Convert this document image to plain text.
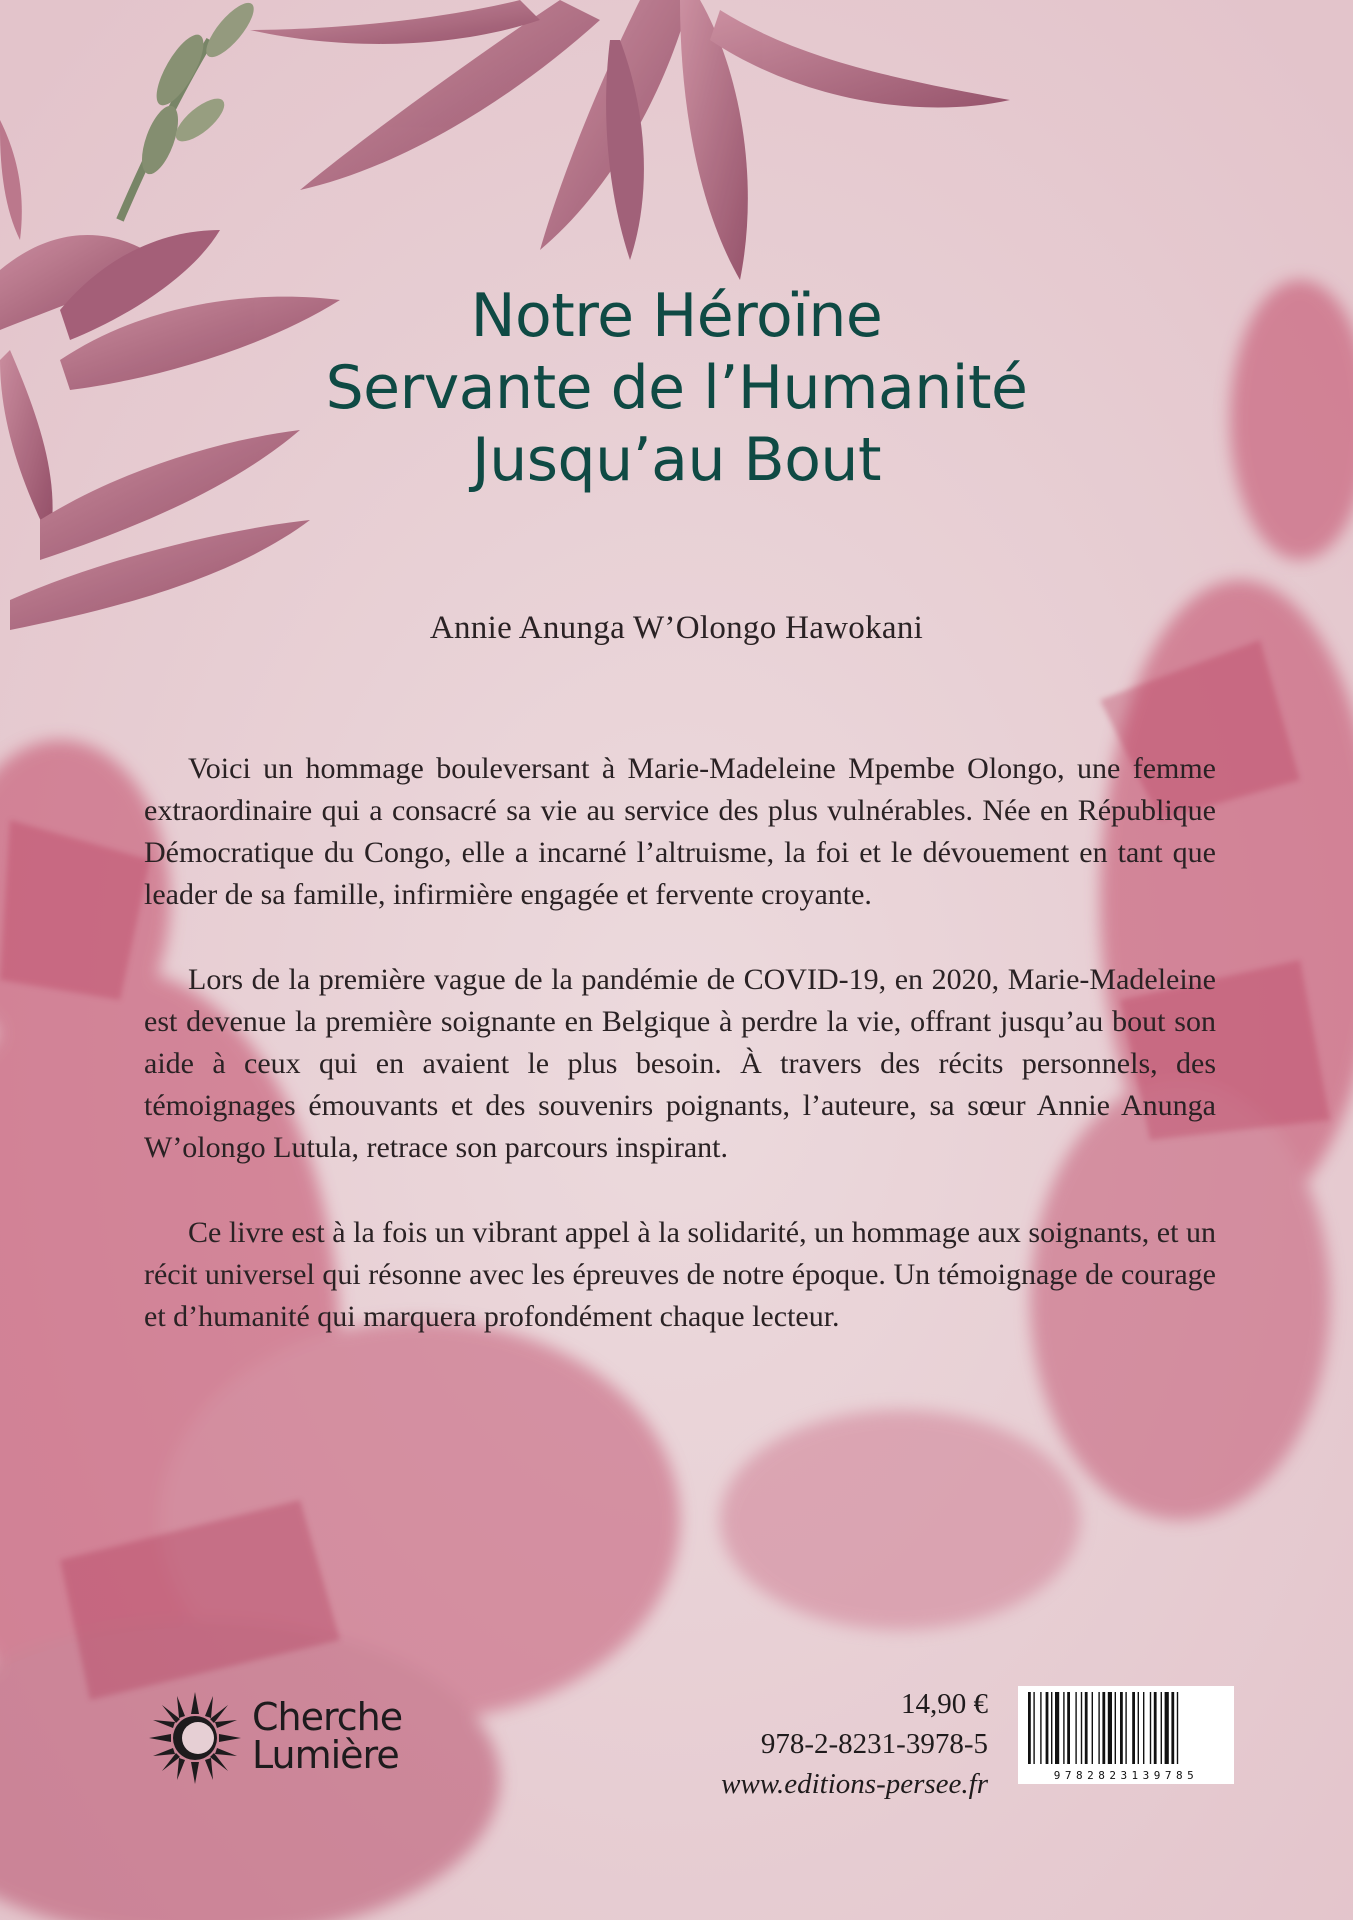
Notre Héroïne

Servante de l’Humanité

Jusqu’au Bout

Annie Anunga W’Olongo Hawokani

Voici un hommage bouleversant à Marie-Madeleine Mpembe Olongo, une femme extraordinaire qui a consacré sa vie au service des plus vulnérables. Née en République Démocratique du Congo, elle a incarné l’altruisme, la foi et le dévouement en tant que leader de sa famille, infirmière engagée et fervente croyante.

Lors de la première vague de la pandémie de COVID-19, en 2020, Marie-Madeleine est devenue la première soignante en Belgique à perdre la vie, offrant jusqu’au bout son aide à ceux qui en avaient le plus besoin. À travers des récits personnels, des témoignages émouvants et des souvenirs poignants, l’auteure, sa sœur Annie Anunga W’olongo Lutula, retrace son parcours inspirant.

Ce livre est à la fois un vibrant appel à la solidarité, un hommage aux soignants, et un récit universel qui résonne avec les épreuves de notre époque. Un témoignage de courage et d’humanité qui marquera profondément chaque lecteur.

Cherche
Lumière
14,90 €
978-2-8231-3978-5
www.editions-persee.fr	9782823139785
